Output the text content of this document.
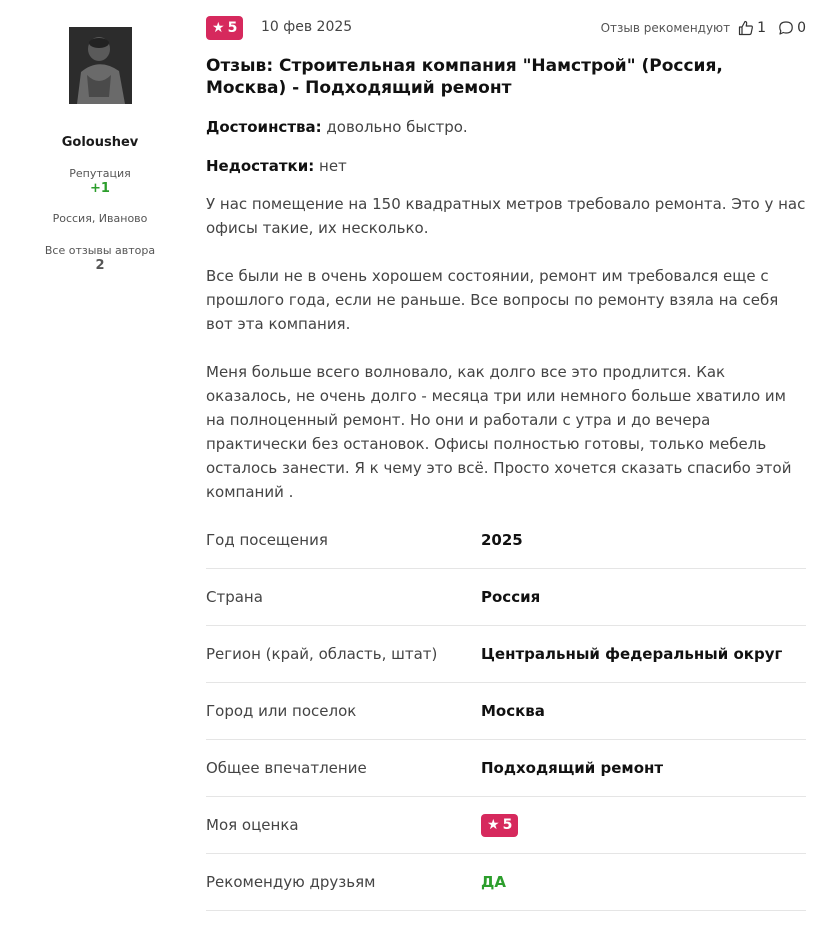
Goloushev
Репутация
+1
Россия, Иваново
Все отзывы автора
2
★ 5 10 фев 2025	Отзыв рекомендуют 1 0
Отзыв: Строительная компания "Намстрой" (Россия, Москва) - Подходящий ремонт
Достоинства: довольно быстро.
Недостатки: нет

У нас помещение на 150 квадратных метров требовало ремонта. Это у нас офисы такие, их несколько.

Все были не в очень хорошем состоянии, ремонт им требовался еще с прошлого года, если не раньше. Все вопросы по ремонту взяла на себя вот эта компания.

Меня больше всего волновало, как долго все это продлится. Как оказалось, не очень долго - месяца три или немного больше хватило им на полноценный ремонт. Но они и работали с утра и до вечера практически без остановок. Офисы полностью готовы, только мебель осталось занести. Я к чему это всё. Просто хочется сказать спасибо этой компаний .

Год посещения	2025
Страна	Россия
Регион (край, область, штат)	Центральный федеральный округ
Город или поселок	Москва
Общее впечатление	Подходящий ремонт
Моя оценка	★ 5
Рекомендую друзьям	ДА
